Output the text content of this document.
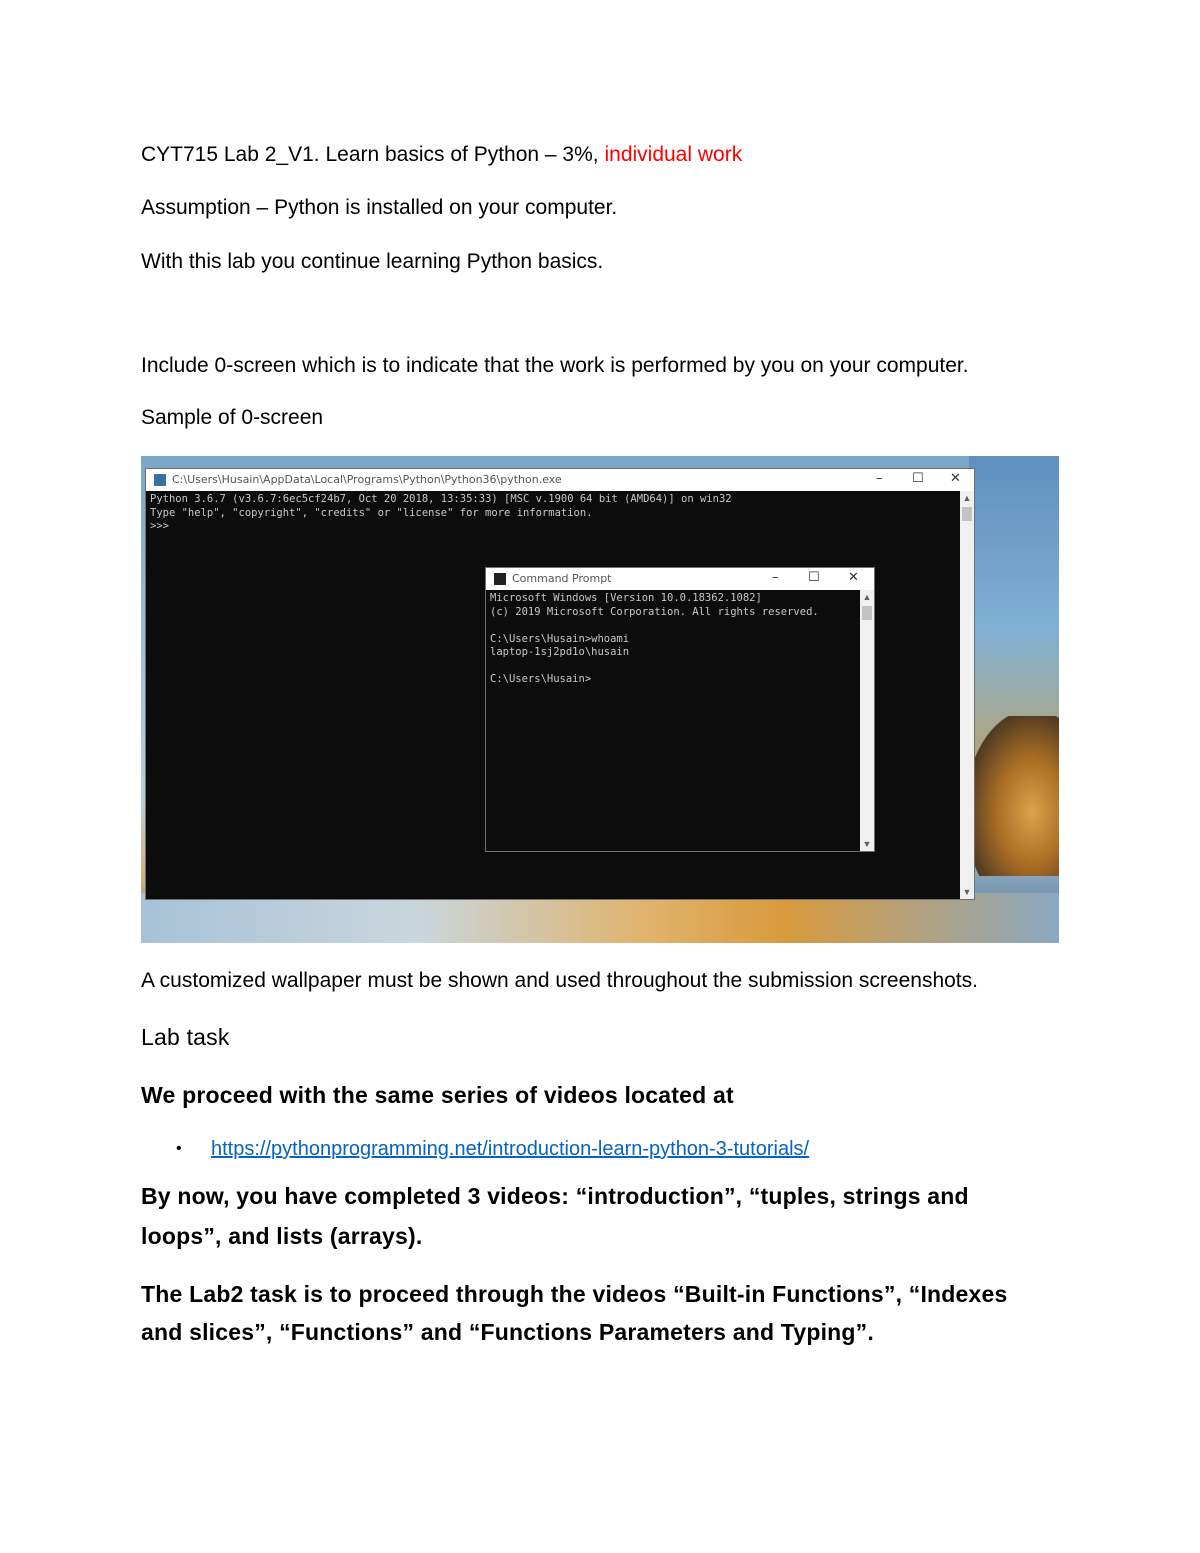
CYT715 Lab 2_V1. Learn basics of Python – 3%, individual work
Assumption – Python is installed on your computer.
With this lab you continue learning Python basics.
Include 0-screen which is to indicate that the work is performed by you on your computer.
Sample of 0-screen
C:\Users\Husain\AppData\Local\Programs\Python\Python36\python.exe	– ☐ ✕
Python 3.6.7 (v3.6.7:6ec5cf24b7, Oct 20 2018, 13:35:33) [MSC v.1900 64 bit (AMD64)] on win32
Type "help", "copyright", "credits" or "license" for more information.
>>>
▲
▼
Command Prompt	– ☐ ✕
Microsoft Windows [Version 10.0.18362.1082]
(c) 2019 Microsoft Corporation. All rights reserved.

C:\Users\Husain>whoami
laptop-1sj2pd1o\husain

C:\Users\Husain>
▲
▼
A customized wallpaper must be shown and used throughout the submission screenshots.
Lab task
We proceed with the same series of videos located at
• https://pythonprogramming.net/introduction-learn-python-3-tutorials/
By now, you have completed 3 videos: “introduction”, “tuples, strings and
loops”, and lists (arrays).
The Lab2 task is to proceed through the videos “Built-in Functions”, “Indexes
and slices”, “Functions” and “Functions Parameters and Typing”.
